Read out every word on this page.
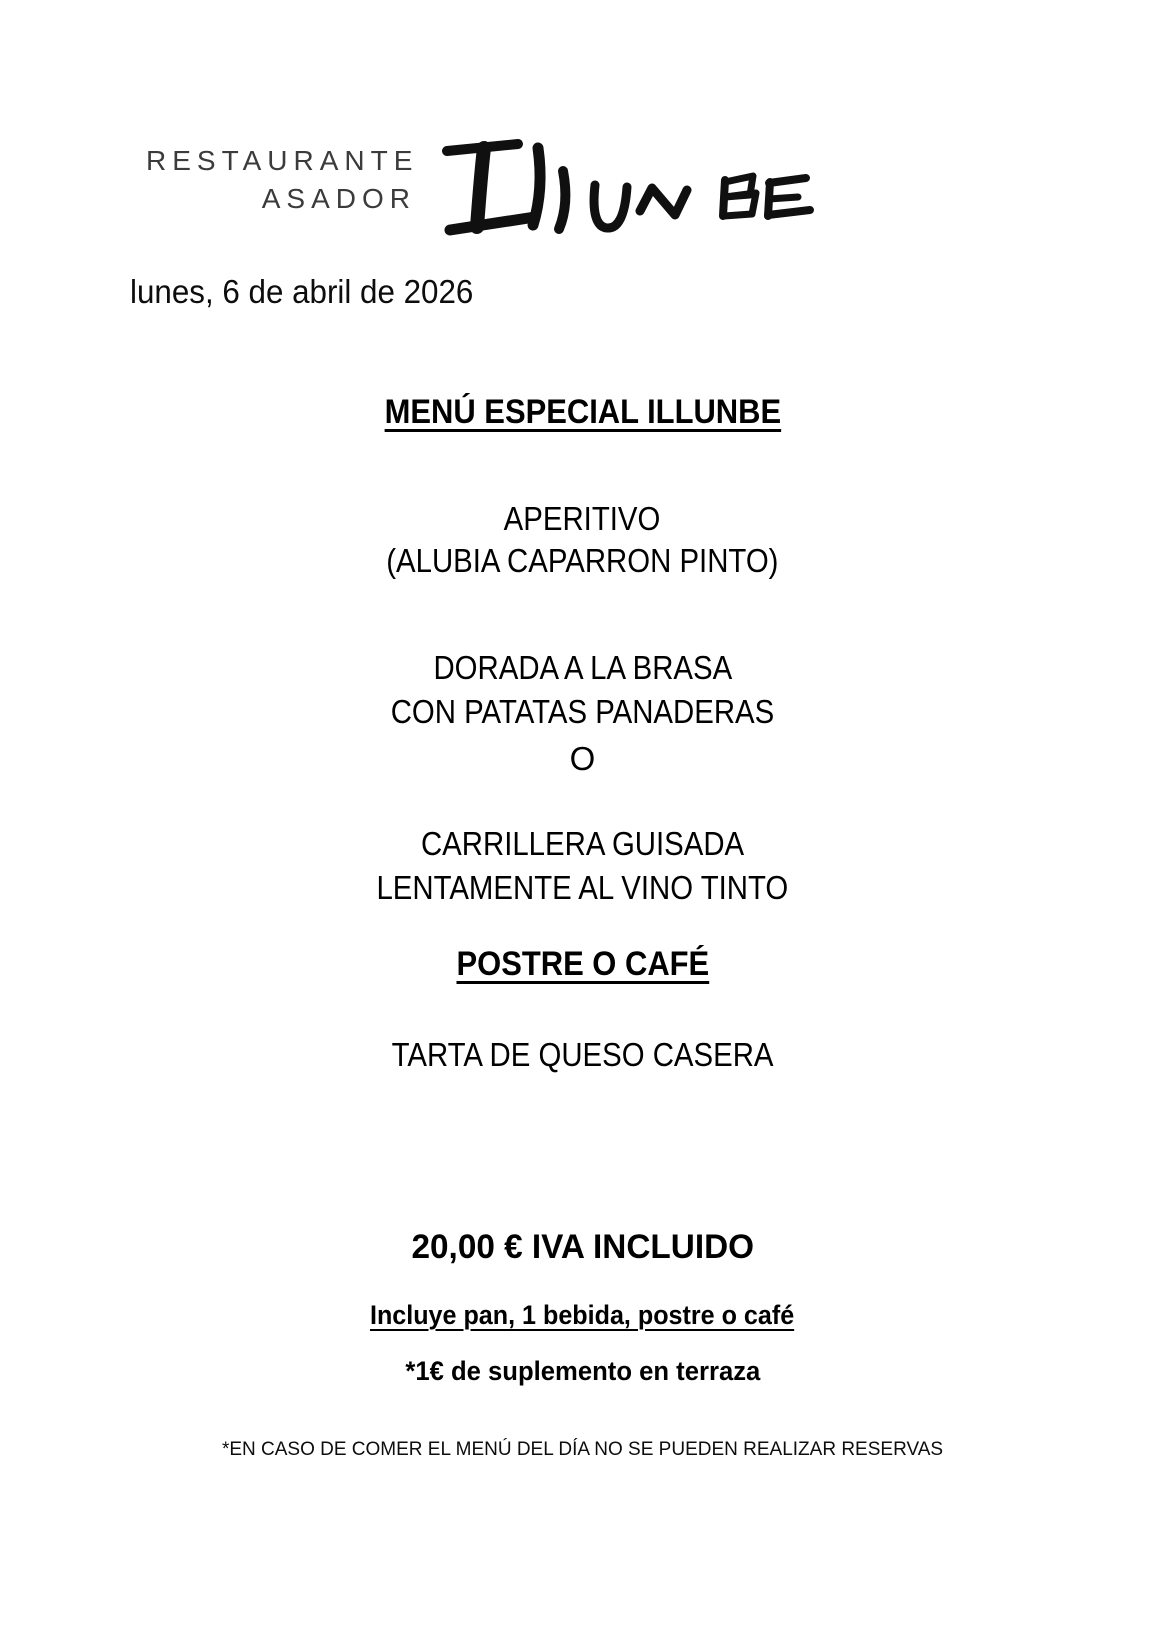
RESTAURANTE
ASADOR
lunes, 6 de abril de 2026
MENÚ ESPECIAL ILLUNBE
APERITIVO
(ALUBIA CAPARRON PINTO)
DORADA A LA BRASA
CON PATATAS PANADERAS
O
CARRILLERA GUISADA
LENTAMENTE AL VINO TINTO
POSTRE O CAFÉ
TARTA DE QUESO CASERA
20,00 € IVA INCLUIDO
Incluye pan, 1 bebida, postre o café
*1€ de suplemento en terraza
*EN CASO DE COMER EL MENÚ DEL DÍA NO SE PUEDEN REALIZAR RESERVAS
